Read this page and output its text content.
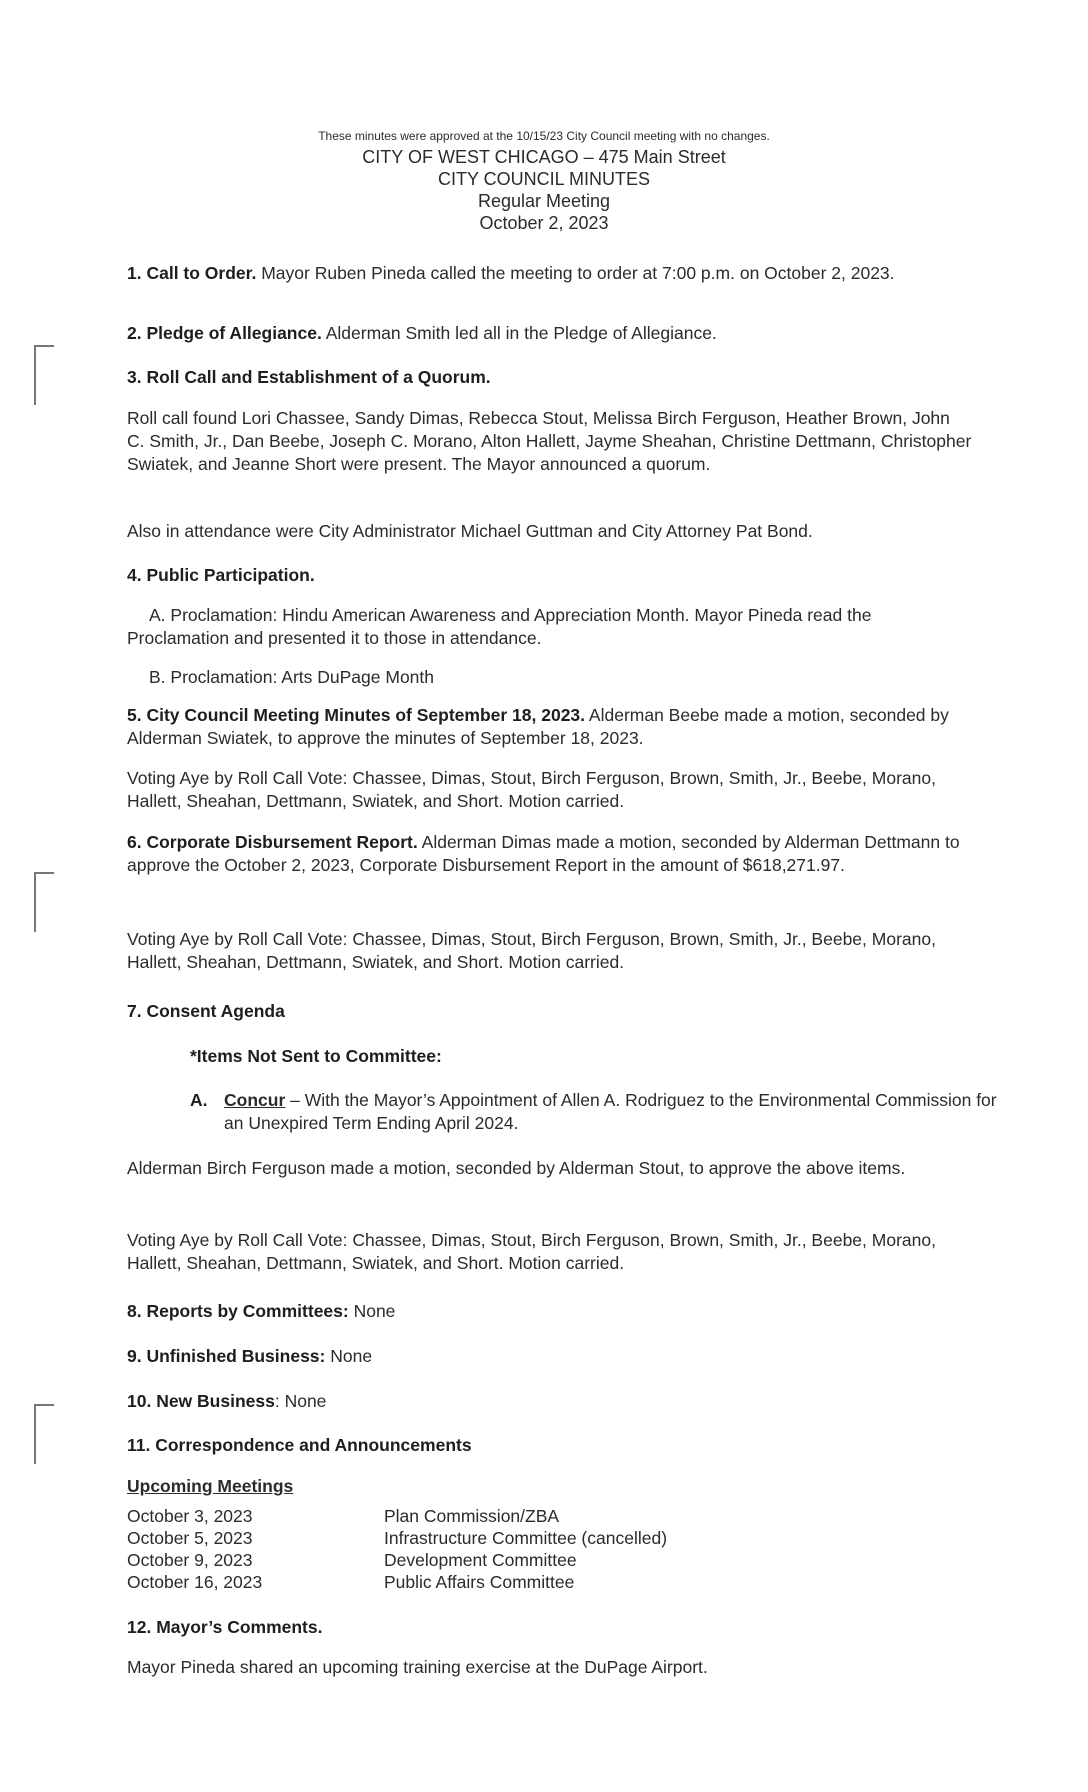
These minutes were approved at the 10/15/23 City Council meeting with no changes.
CITY OF WEST CHICAGO – 475 Main Street
CITY COUNCIL MINUTES
Regular Meeting
October 2, 2023
1. Call to Order. Mayor Ruben Pineda called the meeting to order at 7:00 p.m. on October 2, 2023.
2. Pledge of Allegiance. Alderman Smith led all in the Pledge of Allegiance.
3. Roll Call and Establishment of a Quorum.
Roll call found Lori Chassee, Sandy Dimas, Rebecca Stout, Melissa Birch Ferguson, Heather Brown, John C. Smith, Jr., Dan Beebe, Joseph C. Morano, Alton Hallett, Jayme Sheahan, Christine Dettmann, Christopher Swiatek, and Jeanne Short were present. The Mayor announced a quorum.
Also in attendance were City Administrator Michael Guttman and City Attorney Pat Bond.
4. Public Participation.
A. Proclamation: Hindu American Awareness and Appreciation Month. Mayor Pineda read the Proclamation and presented it to those in attendance.
B. Proclamation: Arts DuPage Month
5. City Council Meeting Minutes of September 18, 2023. Alderman Beebe made a motion, seconded by Alderman Swiatek, to approve the minutes of September 18, 2023.
Voting Aye by Roll Call Vote: Chassee, Dimas, Stout, Birch Ferguson, Brown, Smith, Jr., Beebe, Morano, Hallett, Sheahan, Dettmann, Swiatek, and Short. Motion carried.
6. Corporate Disbursement Report. Alderman Dimas made a motion, seconded by Alderman Dettmann to approve the October 2, 2023, Corporate Disbursement Report in the amount of $618,271.97.
Voting Aye by Roll Call Vote: Chassee, Dimas, Stout, Birch Ferguson, Brown, Smith, Jr., Beebe, Morano, Hallett, Sheahan, Dettmann, Swiatek, and Short. Motion carried.
7. Consent Agenda
*Items Not Sent to Committee:
A. Concur – With the Mayor’s Appointment of Allen A. Rodriguez to the Environmental Commission for an Unexpired Term Ending April 2024.
Alderman Birch Ferguson made a motion, seconded by Alderman Stout, to approve the above items.
Voting Aye by Roll Call Vote: Chassee, Dimas, Stout, Birch Ferguson, Brown, Smith, Jr., Beebe, Morano, Hallett, Sheahan, Dettmann, Swiatek, and Short. Motion carried.
8. Reports by Committees: None
9. Unfinished Business: None
10. New Business: None
11. Correspondence and Announcements
Upcoming Meetings
October 3, 2023	Plan Commission/ZBA
October 5, 2023	Infrastructure Committee (cancelled)
October 9, 2023	Development Committee
October 16, 2023	Public Affairs Committee
12. Mayor’s Comments.
Mayor Pineda shared an upcoming training exercise at the DuPage Airport.
